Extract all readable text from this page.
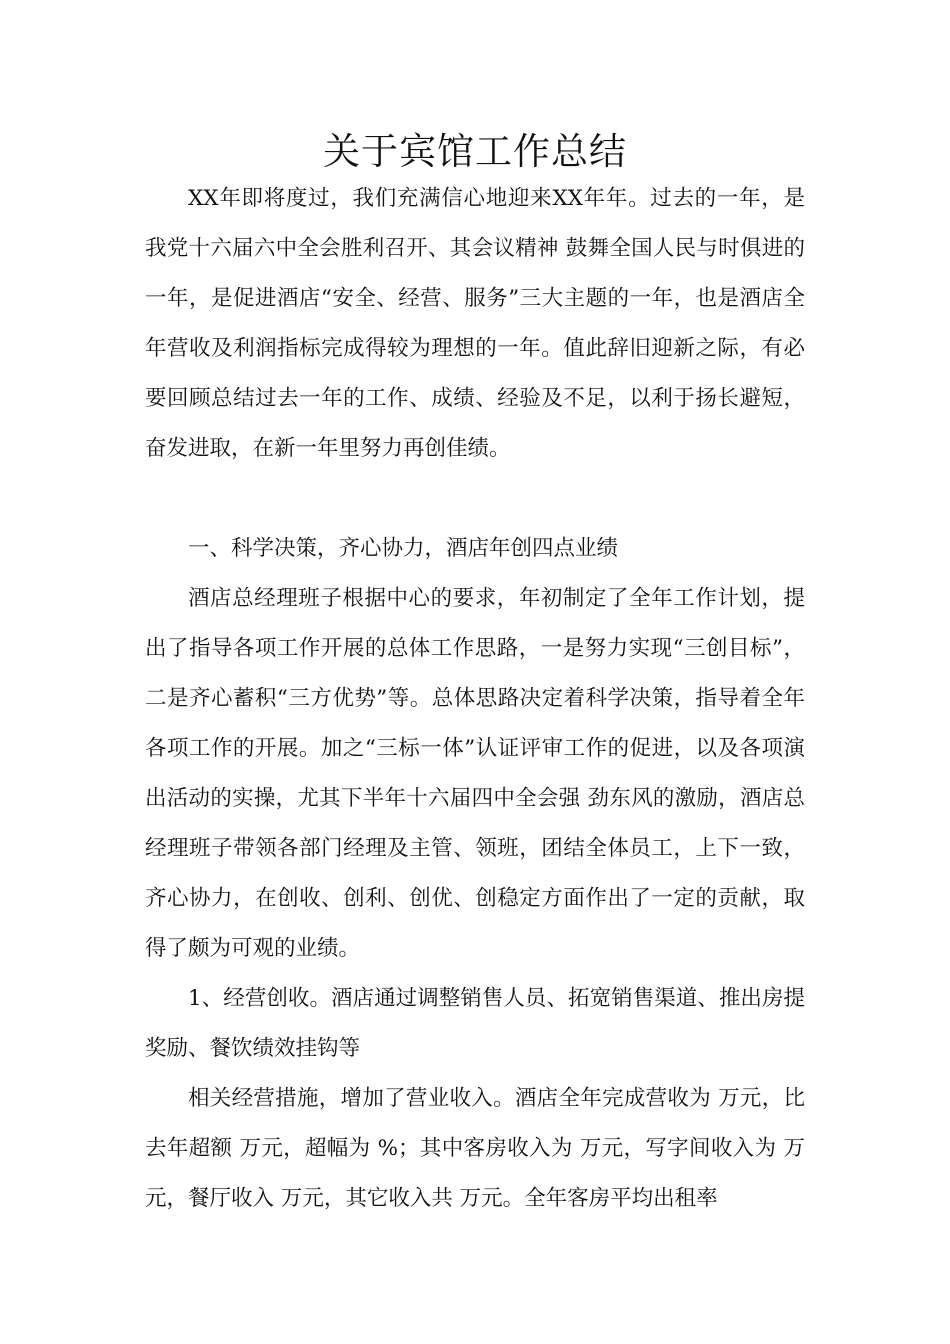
关于宾馆工作总结

XX年即将度过，我们充满信心地迎来XX年年。过去的一年，是我党十六届六中全会胜利召开、其会议精神 鼓舞全国人民与时俱进的一年，是促进酒店“安全、经营、服务”三大主题的一年，也是酒店全年营收及利润指标完成得较为理想的一年。值此辞旧迎新之际，有必要回顾总结过去一年的工作、成绩、经验及不足，以利于扬长避短，奋发进取，在新一年里努力再创佳绩。

一、科学决策，齐心协力，酒店年创四点业绩

酒店总经理班子根据中心的要求，年初制定了全年工作计划，提出了指导各项工作开展的总体工作思路，一是努力实现“三创目标”， 二是齐心蓄积“三方优势”等。总体思路决定着科学决策，指导着全年各项工作的开展。加之“三标一体”认证评审工作的促进，以及各项演出活动的实操，尤其下半年十六届四中全会强 劲东风的激励，酒店总经理班子带领各部门经理及主管、领班，团结全体员工，上下一致，齐心协力，在创收、创利、创优、创稳定方面作出了一定的贡献，取得了颇为可观的业绩。

1、经营创收。酒店通过调整销售人员、拓宽销售渠道、推出房提奖励、餐饮绩效挂钩等

相关经营措施，增加了营业收入。酒店全年完成营收为 万元，比去年超额 万元，超幅为 %；其中客房收入为 万元，写字间收入为 万元，餐厅收入 万元，其它收入共 万元。全年客房平均出租率
